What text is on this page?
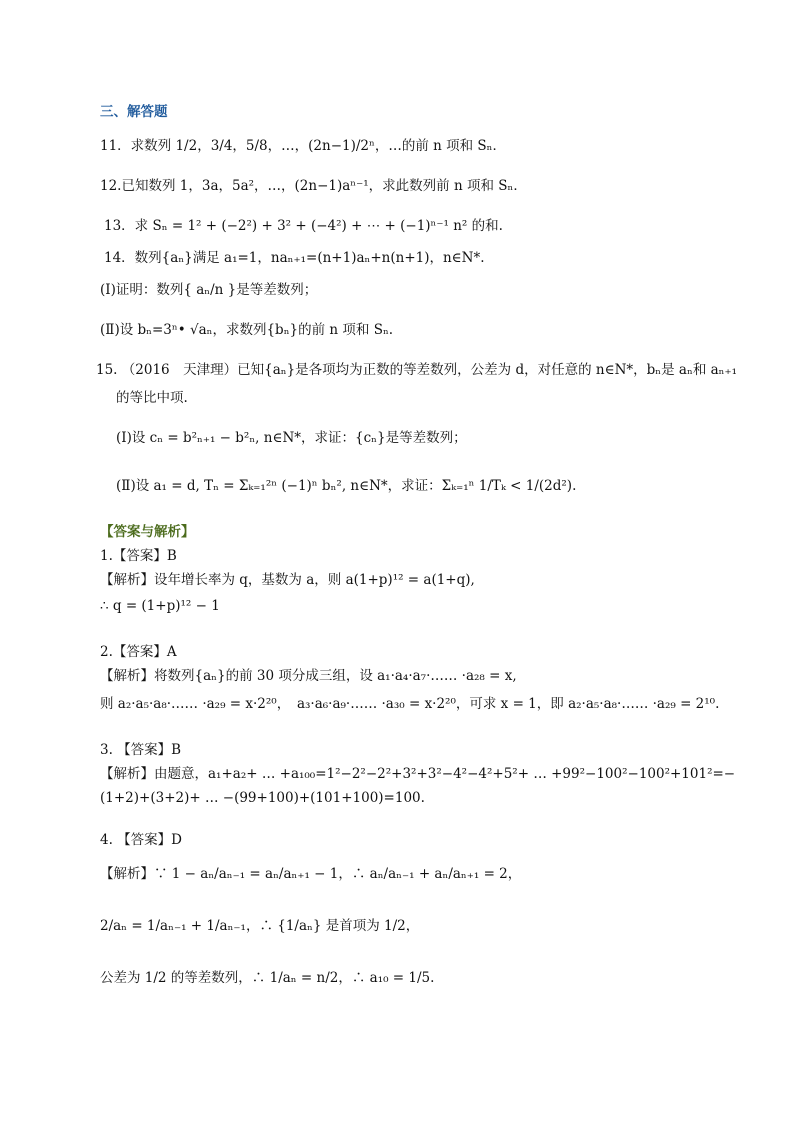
三、解答题
11．求数列 1/2，3/4，5/8，…，(2n−1)/2ⁿ，…的前 n 项和 Sₙ．
12.已知数列 1，3a，5a²，…，(2n−1)aⁿ⁻¹，求此数列前 n 项和 Sₙ．
13．求 Sₙ = 1² + (−2²) + 3² + (−4²) + ⋯ + (−1)ⁿ⁻¹ n² 的和.
14．数列{aₙ}满足 a₁=1，naₙ₊₁=(n+1)aₙ+n(n+1)，n∈N*.
(Ⅰ)证明：数列{ aₙ/n }是等差数列；
(Ⅱ)设 bₙ=3ⁿ• √aₙ，求数列{bₙ}的前 n 项和 Sₙ.
15. （2016　天津理）已知{aₙ}是各项均为正数的等差数列，公差为 d，对任意的 n∈N*，bₙ是 aₙ和 aₙ₊₁
的等比中项.
(Ⅰ)设 cₙ = b²ₙ₊₁ − b²ₙ, n∈N*，求证：{cₙ}是等差数列；
(Ⅱ)设 a₁ = d, Tₙ = Σₖ₌₁²ⁿ (−1)ⁿ bₙ², n∈N*，求证：Σₖ₌₁ⁿ 1/Tₖ < 1/(2d²).
【答案与解析】
1.【答案】B
【解析】设年增长率为 q，基数为 a，则 a(1+p)¹² = a(1+q),
∴ q = (1+p)¹² − 1
2.【答案】A
【解析】将数列{aₙ}的前 30 项分成三组，设 a₁·a₄·a₇·…… ·a₂₈ = x,
则 a₂·a₅·a₈·…… ·a₂₉ = x·2²⁰，　a₃·a₆·a₉·…… ·a₃₀ = x·2²⁰，可求 x = 1，即 a₂·a₅·a₈·…… ·a₂₉ = 2¹⁰.
3. 【答案】B
【解析】由题意，a₁+a₂+ … +a₁₀₀=1²−2²−2²+3²+3²−4²−4²+5²+ … +99²−100²−100²+101²=−
(1+2)+(3+2)+ … −(99+100)+(101+100)=100.
4. 【答案】D
【解析】∵ 1 − aₙ/aₙ₋₁ = aₙ/aₙ₊₁ − 1，∴ aₙ/aₙ₋₁ + aₙ/aₙ₊₁ = 2，
2/aₙ = 1/aₙ₋₁ + 1/aₙ₋₁，∴ {1/aₙ} 是首项为 1/2，
公差为 1/2 的等差数列，∴ 1/aₙ = n/2，∴ a₁₀ = 1/5.
